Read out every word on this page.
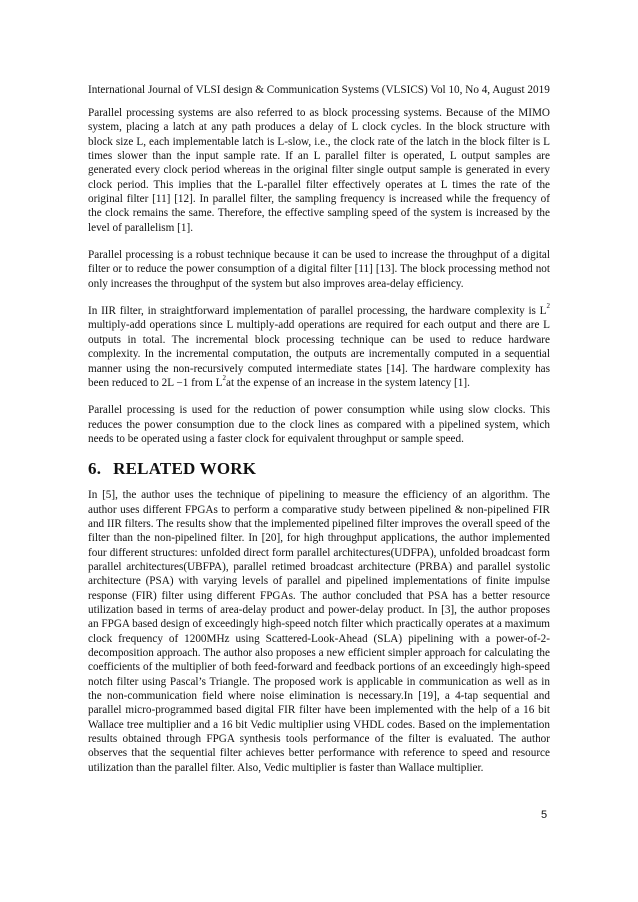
International Journal of VLSI design & Communication Systems (VLSICS) Vol 10, No 4, August 2019

Parallel processing systems are also referred to as block processing systems. Because of the MIMO system, placing a latch at any path produces a delay of L clock cycles. In the block structure with block size L, each implementable latch is L-slow, i.e., the clock rate of the latch in the block filter is L times slower than the input sample rate. If an L parallel filter is operated, L output samples are generated every clock period whereas in the original filter single output sample is generated in every clock period. This implies that the L-parallel filter effectively operates at L times the rate of the original filter [11] [12]. In parallel filter, the sampling frequency is increased while the frequency of the clock remains the same. Therefore, the effective sampling speed of the system is increased by the level of parallelism [1].

Parallel processing is a robust technique because it can be used to increase the throughput of a digital filter or to reduce the power consumption of a digital filter [11] [13]. The block processing method not only increases the throughput of the system but also improves area-delay efficiency.

In IIR filter, in straightforward implementation of parallel processing, the hardware complexity is $L^2$ multiply-add operations since L multiply-add operations are required for each output and there are L outputs in total. The incremental block processing technique can be used to reduce hardware complexity. In the incremental computation, the outputs are incrementally computed in a sequential manner using the non-recursively computed intermediate states [14]. The hardware complexity has been reduced to 2L −1 from $L^2at$ the expense of an increase in the system latency [1].

Parallel processing is used for the reduction of power consumption while using slow clocks. This reduces the power consumption due to the clock lines as compared with a pipelined system, which needs to be operated using a faster clock for equivalent throughput or sample speed.

6. RELATED WORK

In [5], the author uses the technique of pipelining to measure the efficiency of an algorithm. The author uses different FPGAs to perform a comparative study between pipelined & non-pipelined FIR and IIR filters. The results show that the implemented pipelined filter improves the overall speed of the filter than the non-pipelined filter. In [20], for high throughput applications, the author implemented four different structures: unfolded direct form parallel architectures(UDFPA), unfolded broadcast form parallel architectures(UBFPA), parallel retimed broadcast architecture (PRBA) and parallel systolic architecture (PSA) with varying levels of parallel and pipelined implementations of finite impulse response (FIR) filter using different FPGAs. The author concluded that PSA has a better resource utilization based in terms of area-delay product and power-delay product. In [3], the author proposes an FPGA based design of exceedingly high-speed notch filter which practically operates at a maximum clock frequency of 1200MHz using Scattered-Look-Ahead (SLA) pipelining with a power-of-2-decomposition approach. The author also proposes a new efficient simpler approach for calculating the coefficients of the multiplier of both feed-forward and feedback portions of an exceedingly high-speed notch filter using Pascal’s Triangle. The proposed work is applicable in communication as well as in the non-communication field where noise elimination is necessary.In [19], a 4-tap sequential and parallel micro-programmed based digital FIR filter have been implemented with the help of a 16 bit Wallace tree multiplier and a 16 bit Vedic multiplier using VHDL codes. Based on the implementation results obtained through FPGA synthesis tools performance of the filter is evaluated. The author observes that the sequential filter achieves better performance with reference to speed and resource utilization than the parallel filter. Also, Vedic multiplier is faster than Wallace multiplier.

5
